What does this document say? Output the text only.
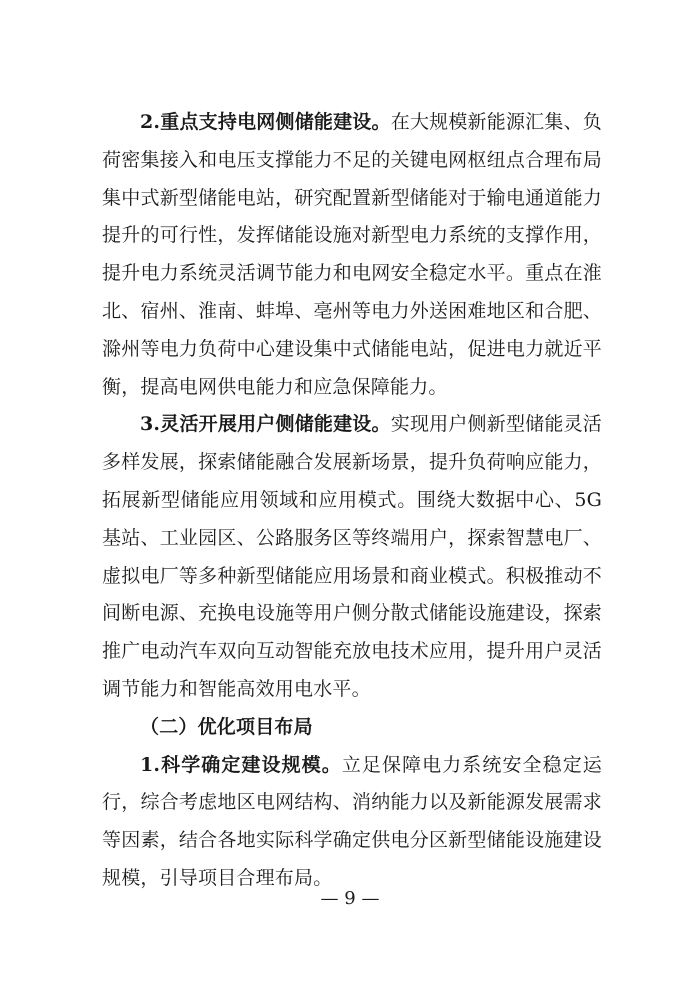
2.重点支持电网侧储能建设。在大规模新能源汇集、负荷密集接入和电压支撑能力不足的关键电网枢纽点合理布局集中式新型储能电站，研究配置新型储能对于输电通道能力提升的可行性，发挥储能设施对新型电力系统的支撑作用，提升电力系统灵活调节能力和电网安全稳定水平。重点在淮北、宿州、淮南、蚌埠、亳州等电力外送困难地区和合肥、滁州等电力负荷中心建设集中式储能电站，促进电力就近平衡，提高电网供电能力和应急保障能力。

3.灵活开展用户侧储能建设。实现用户侧新型储能灵活多样发展，探索储能融合发展新场景，提升负荷响应能力，拓展新型储能应用领域和应用模式。围绕大数据中心、5G基站、工业园区、公路服务区等终端用户，探索智慧电厂、虚拟电厂等多种新型储能应用场景和商业模式。积极推动不间断电源、充换电设施等用户侧分散式储能设施建设，探索推广电动汽车双向互动智能充放电技术应用，提升用户灵活调节能力和智能高效用电水平。

（二）优化项目布局

1.科学确定建设规模。立足保障电力系统安全稳定运行，综合考虑地区电网结构、消纳能力以及新能源发展需求等因素，结合各地实际科学确定供电分区新型储能设施建设规模，引导项目合理布局。

— 9 —
